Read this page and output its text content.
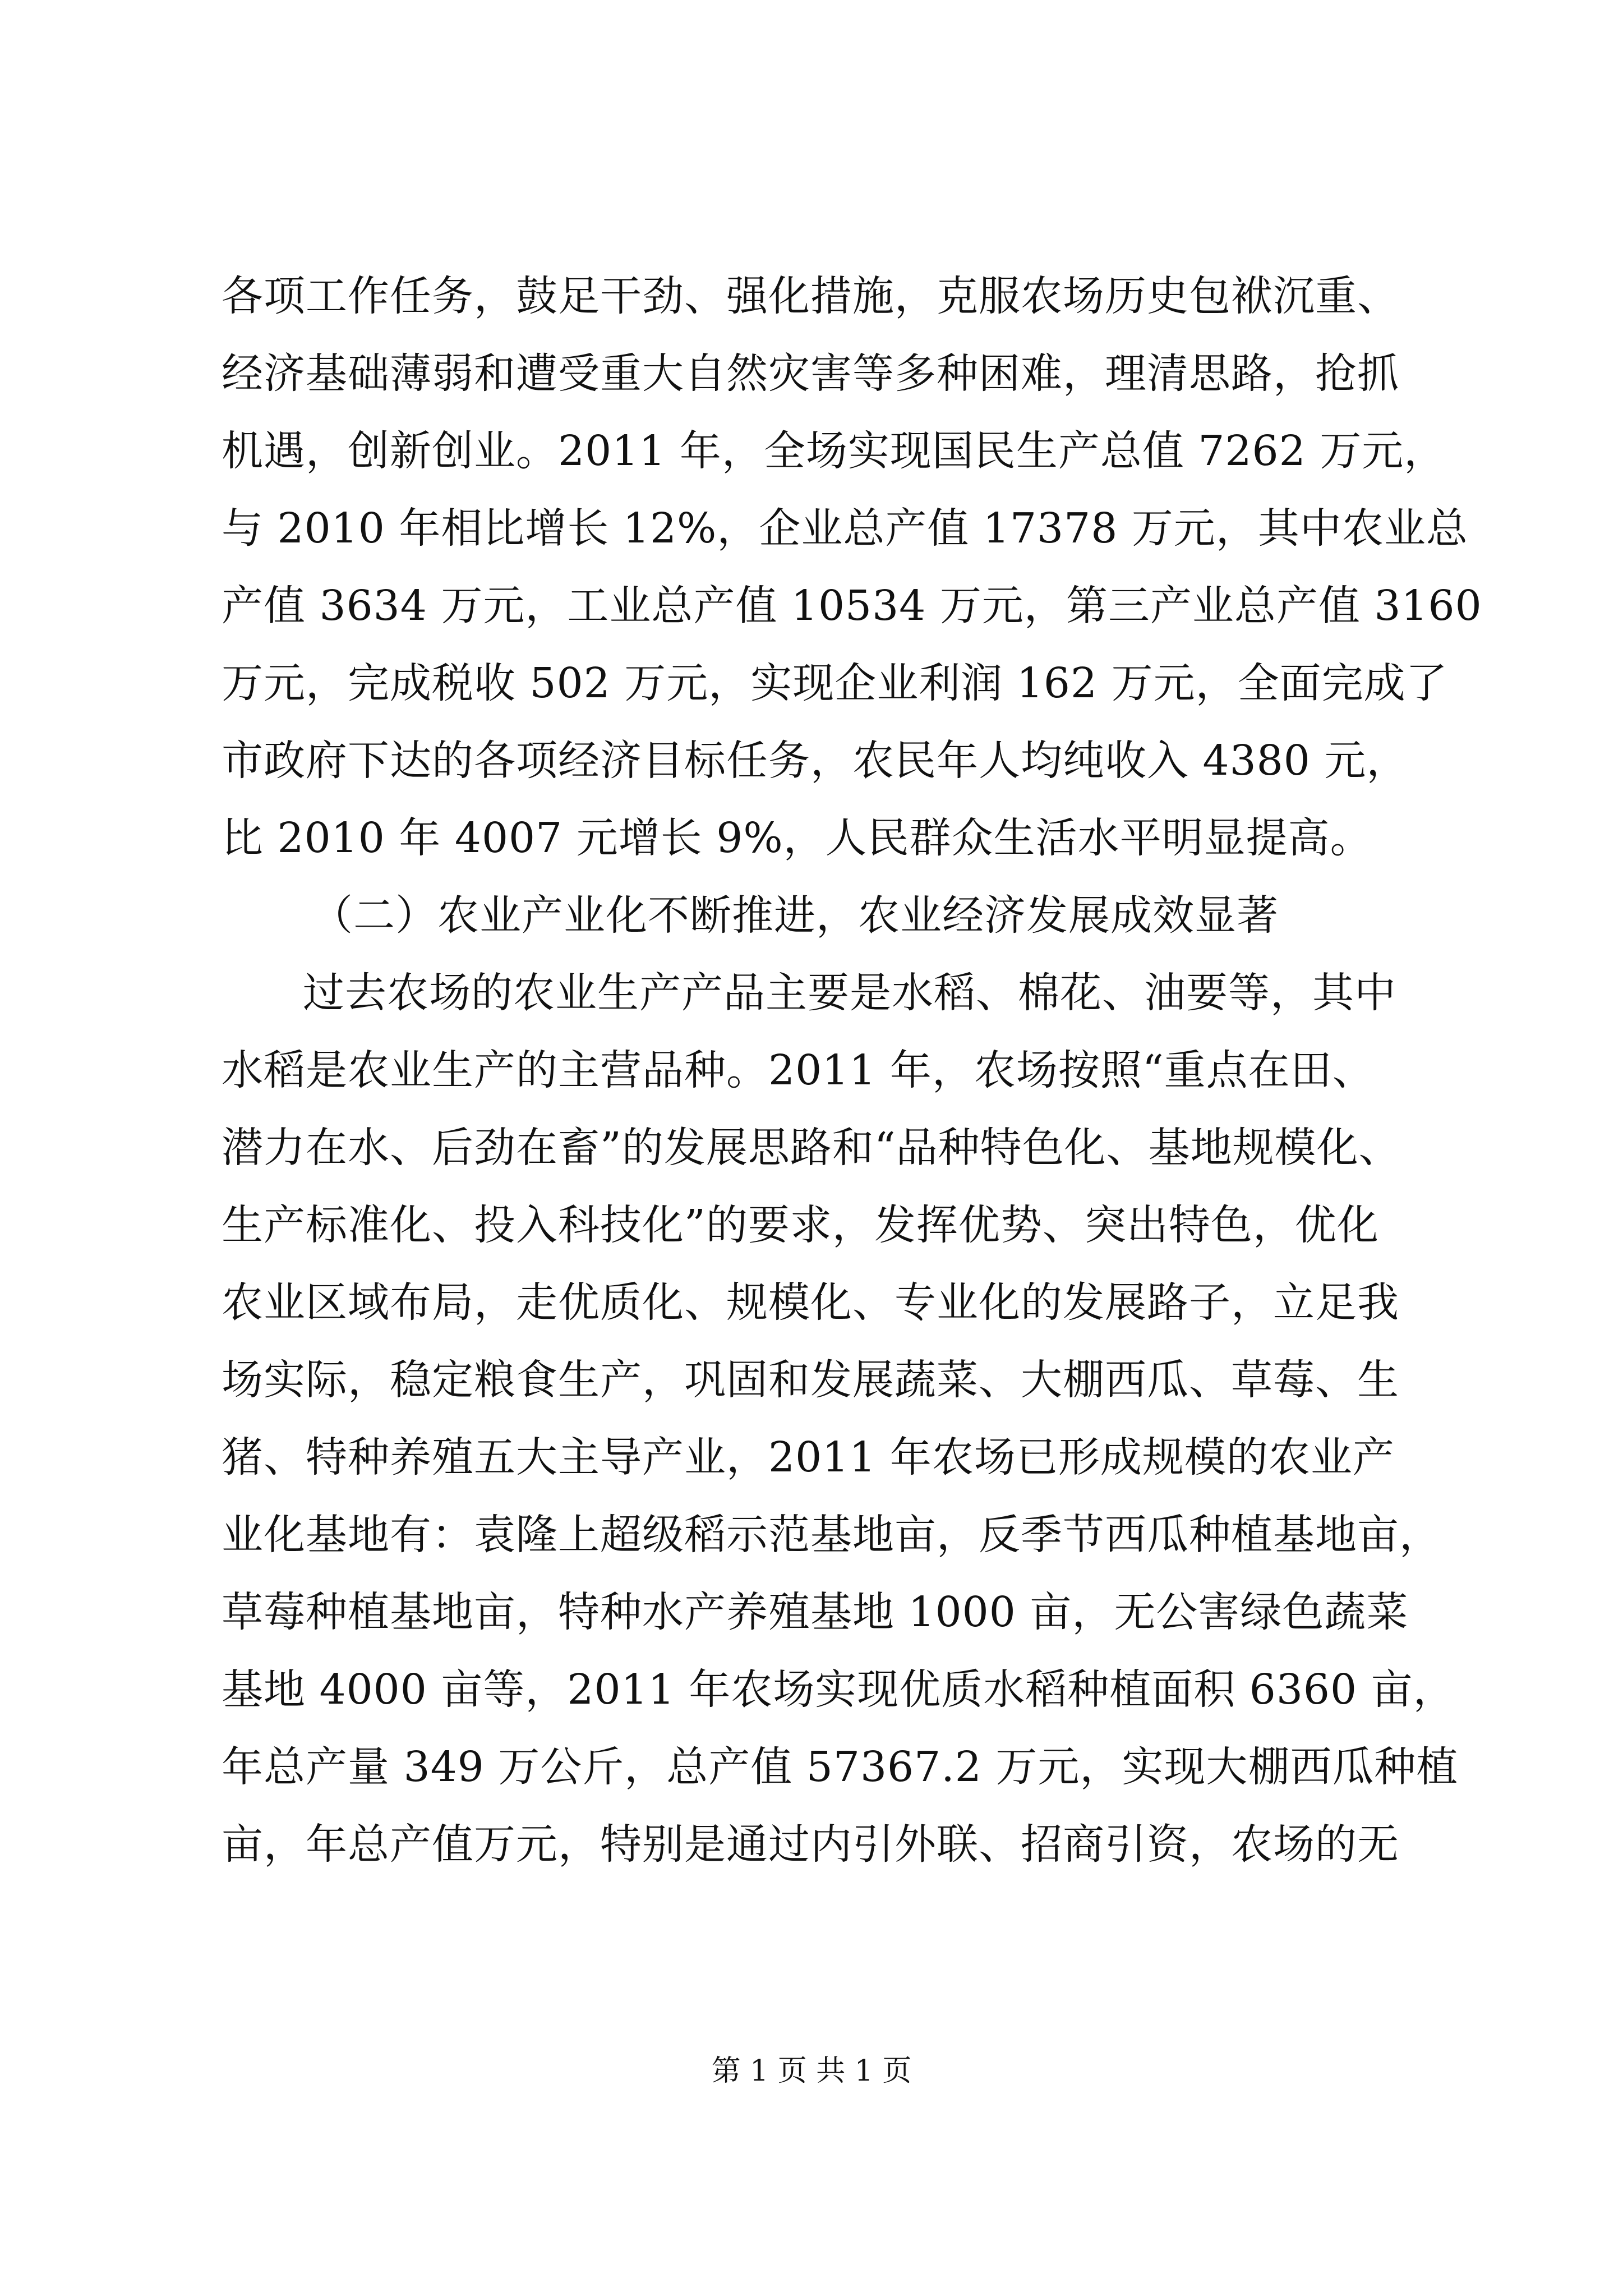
各项工作任务，鼓足干劲、强化措施，克服农场历史包袱沉重、
经济基础薄弱和遭受重大自然灾害等多种困难，理清思路，抢抓
机遇，创新创业。2011 年，全场实现国民生产总值 7262 万元，
与 2010 年相比增长 12%，企业总产值 17378 万元，其中农业总
产值 3634 万元，工业总产值 10534 万元，第三产业总产值 3160
万元，完成税收 502 万元，实现企业利润 162 万元，全面完成了
市政府下达的各项经济目标任务，农民年人均纯收入 4380 元，
比 2010 年 4007 元增长 9%，人民群众生活水平明显提高。
（二）农业产业化不断推进，农业经济发展成效显著
过去农场的农业生产产品主要是水稻、棉花、油要等，其中
水稻是农业生产的主营品种。2011 年，农场按照“重点在田、
潜力在水、后劲在畜”的发展思路和“品种特色化、基地规模化、
生产标准化、投入科技化”的要求，发挥优势、突出特色，优化
农业区域布局，走优质化、规模化、专业化的发展路子，立足我
场实际，稳定粮食生产，巩固和发展蔬菜、大棚西瓜、草莓、生
猪、特种养殖五大主导产业，2011 年农场已形成规模的农业产
业化基地有：袁隆上超级稻示范基地亩，反季节西瓜种植基地亩，
草莓种植基地亩，特种水产养殖基地 1000 亩，无公害绿色蔬菜
基地 4000 亩等，2011 年农场实现优质水稻种植面积 6360 亩，
年总产量 349 万公斤，总产值 57367.2 万元，实现大棚西瓜种植
亩，年总产值万元，特别是通过内引外联、招商引资，农场的无
第 1 页 共 1 页
